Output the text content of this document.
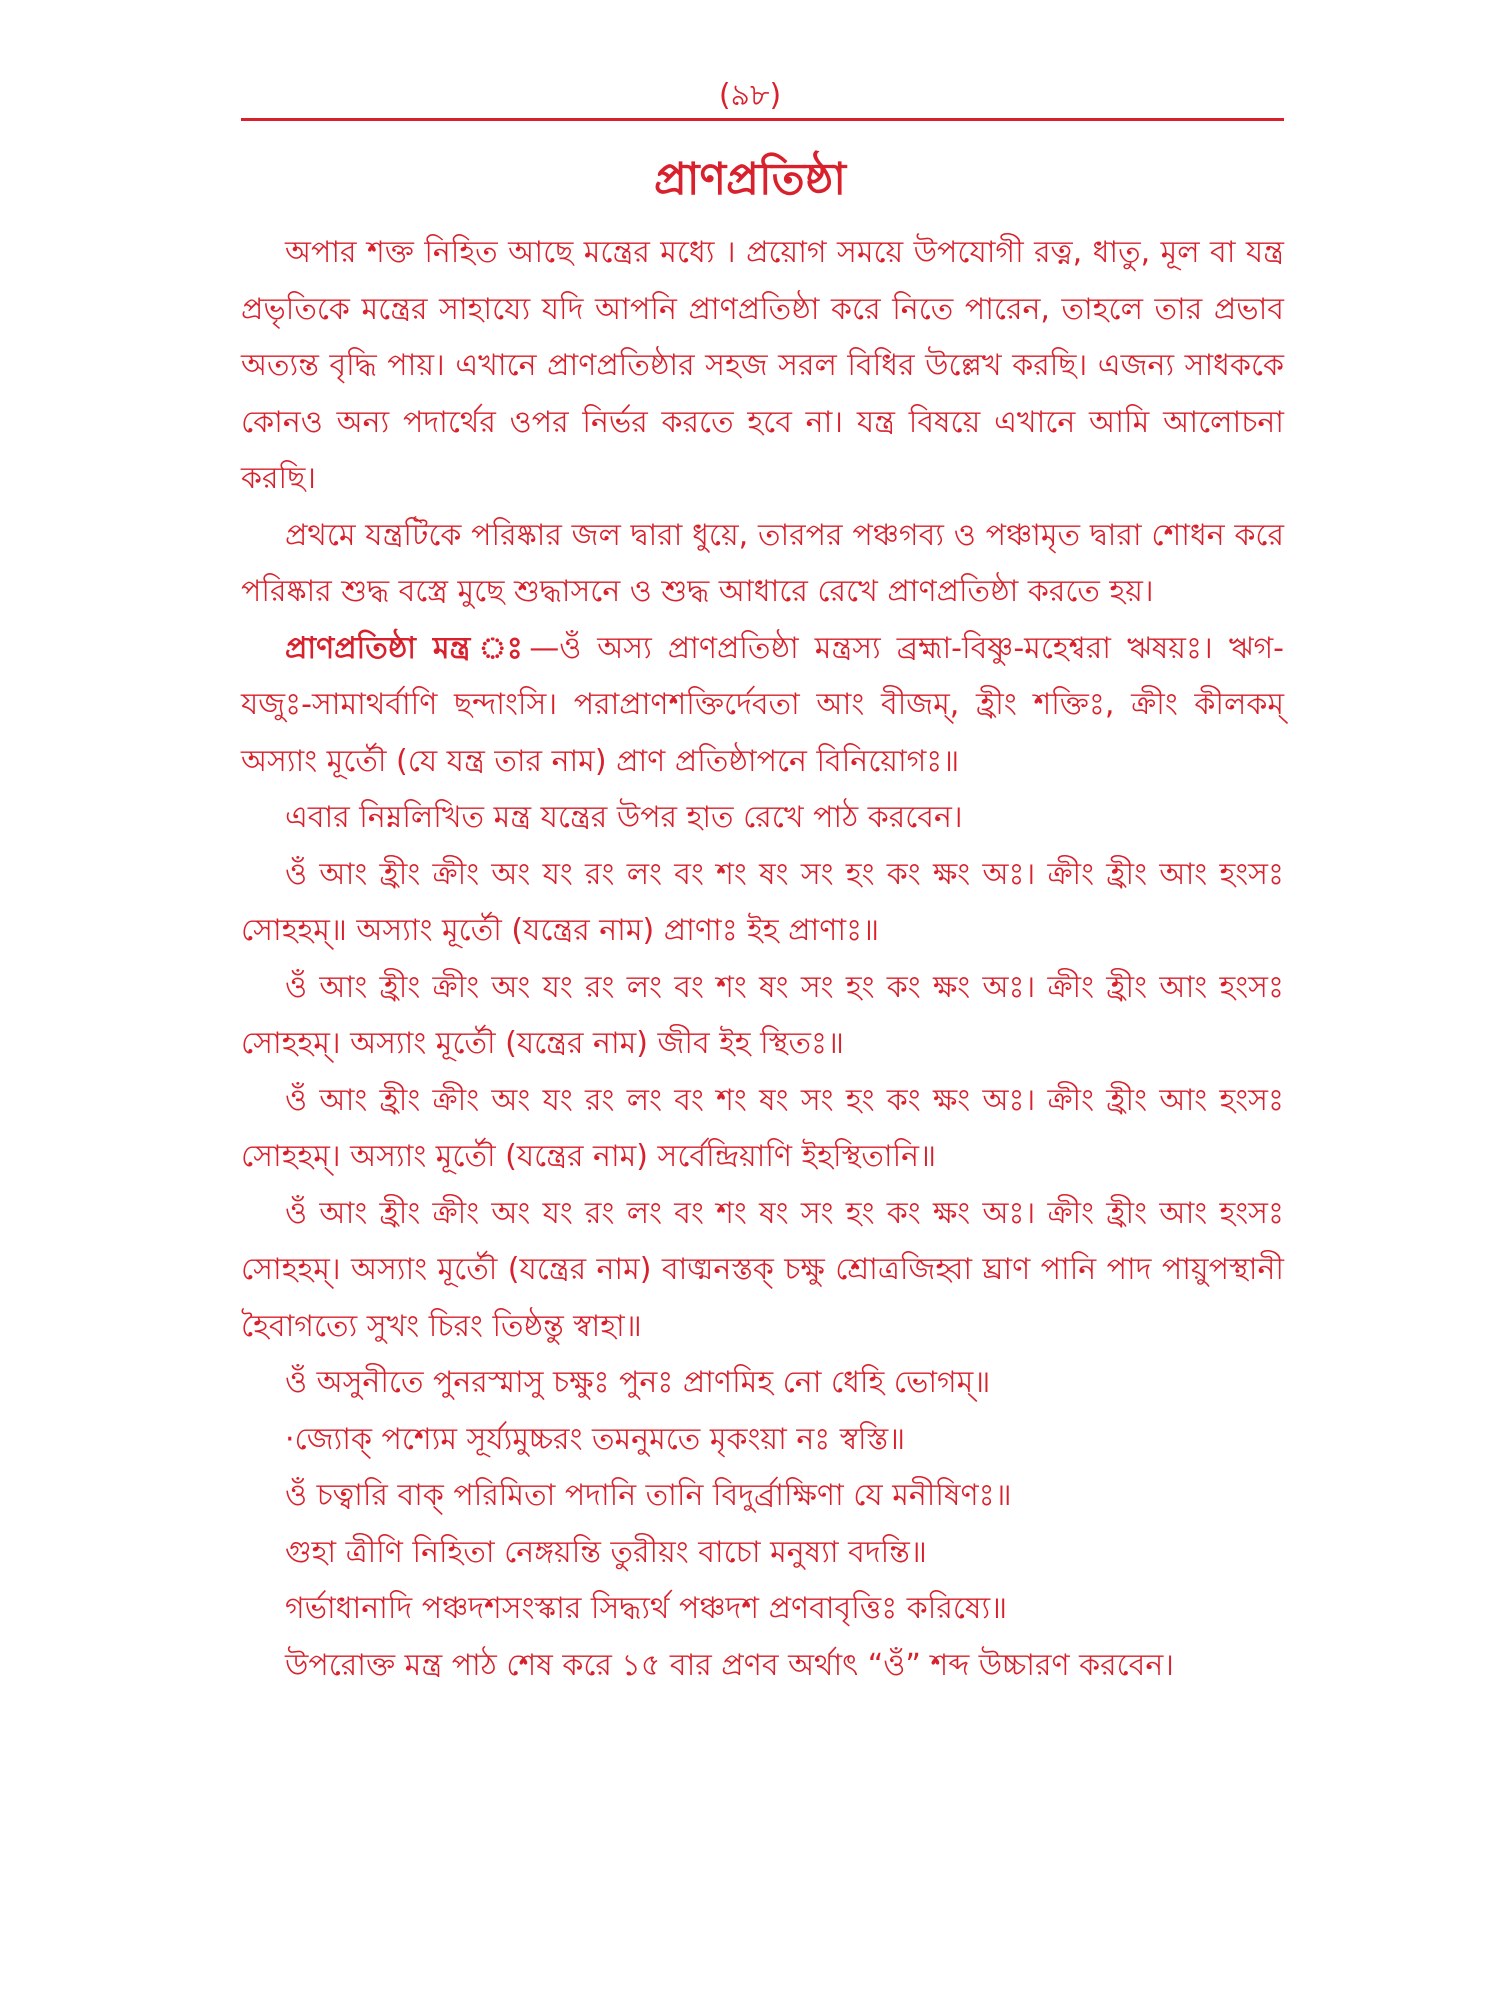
(৯৮)
প্রাণপ্রতিষ্ঠা

অপার শক্ত নিহিত আছে মন্ত্রের মধ্যে । প্রয়োগ সময়ে উপযোগী রত্ন, ধাতু, মূল বা যন্ত্র প্রভৃতিকে মন্ত্রের সাহায্যে যদি আপনি প্রাণপ্রতিষ্ঠা করে নিতে পারেন, তাহলে তার প্রভাব অত্যন্ত বৃদ্ধি পায়। এখানে প্রাণপ্রতিষ্ঠার সহজ সরল বিধির উল্লেখ করছি। এজন্য সাধককে কোনও অন্য পদার্থের ওপর নির্ভর করতে হবে না। যন্ত্র বিষয়ে এখানে আমি আলোচনা করছি।

প্রথমে যন্ত্রটিকে পরিষ্কার জল দ্বারা ধুয়ে, তারপর পঞ্চগব্য ও পঞ্চামৃত দ্বারা শোধন করে পরিষ্কার শুদ্ধ বস্ত্রে মুছে শুদ্ধাসনে ও শুদ্ধ আধারে রেখে প্রাণপ্রতিষ্ঠা করতে হয়।

প্রাণপ্রতিষ্ঠা মন্ত্র ঃ—ওঁ অস্য প্রাণপ্রতিষ্ঠা মন্ত্রস্য ব্রহ্মা-বিষ্ণু-মহেশ্বরা ঋষয়ঃ। ঋগ-যজুঃ-সামাথর্বাণি ছন্দাংসি। পরাপ্রাণশক্তির্দেবতা আং বীজম্, হ্রীং শক্তিঃ, ক্রীং কীলকম্ অস্যাং মূর্তৌ (যে যন্ত্র তার নাম) প্রাণ প্রতিষ্ঠাপনে বিনিয়োগঃ॥

এবার নিম্নলিখিত মন্ত্র যন্ত্রের উপর হাত রেখে পাঠ করবেন।

ওঁ আং হ্রীং ক্রীং অং যং রং লং বং শং ষং সং হং কং ক্ষং অঃ। ক্রীং হ্রীং আং হংসঃ সোহহম্॥ অস্যাং মূর্তৌ (যন্ত্রের নাম) প্রাণাঃ ইহ প্রাণাঃ॥

ওঁ আং হ্রীং ক্রীং অং যং রং লং বং শং ষং সং হং কং ক্ষং অঃ। ক্রীং হ্রীং আং হংসঃ সোহহম্। অস্যাং মূর্তৌ (যন্ত্রের নাম) জীব ইহ স্থিতঃ॥

ওঁ আং হ্রীং ক্রীং অং যং রং লং বং শং ষং সং হং কং ক্ষং অঃ। ক্রীং হ্রীং আং হংসঃ সোহহম্। অস্যাং মূর্তৌ (যন্ত্রের নাম) সর্বেন্দ্রিয়াণি ইহস্থিতানি॥

ওঁ আং হ্রীং ক্রীং অং যং রং লং বং শং ষং সং হং কং ক্ষং অঃ। ক্রীং হ্রীং আং হংসঃ সোহহম্। অস্যাং মূর্তৌ (যন্ত্রের নাম) বাঙ্মনস্তক্ চক্ষু শ্রোত্রজিহ্বা ঘ্রাণ পানি পাদ পায়ুপস্থানী হৈবাগত্যে সুখং চিরং তিষ্ঠন্তু স্বাহা॥

ওঁ অসুনীতে পুনরস্মাসু চক্ষুঃ পুনঃ প্রাণমিহ নো ধেহি ভোগম্॥

·জ্যোক্ পশ্যেম সূর্য্যমুচ্চরং তমনুমতে মৃকংয়া নঃ স্বস্তি॥

ওঁ চত্বারি বাক্ পরিমিতা পদানি তানি বিদুর্ব্রাক্ষিণা যে মনীষিণঃ॥

গুহা ত্রীণি নিহিতা নেঙ্গয়ন্তি তুরীয়ং বাচো মনুষ্যা বদন্তি॥

গর্ভাধানাদি পঞ্চদশসংস্কার সিদ্ধ্যর্থ পঞ্চদশ প্রণবাবৃত্তিঃ করিষ্যে॥

উপরোক্ত মন্ত্র পাঠ শেষ করে ১৫ বার প্রণব অর্থাৎ “ওঁ” শব্দ উচ্চারণ করবেন।
